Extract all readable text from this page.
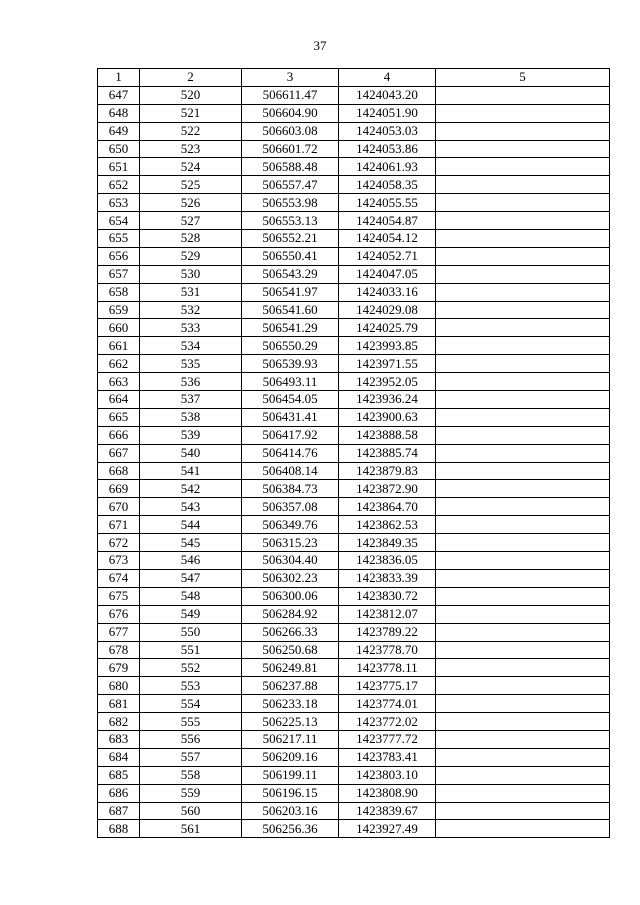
37
1	2	3	4	5
647	520	506611.47	1424043.20	
648	521	506604.90	1424051.90	
649	522	506603.08	1424053.03	
650	523	506601.72	1424053.86	
651	524	506588.48	1424061.93	
652	525	506557.47	1424058.35	
653	526	506553.98	1424055.55	
654	527	506553.13	1424054.87	
655	528	506552.21	1424054.12	
656	529	506550.41	1424052.71	
657	530	506543.29	1424047.05	
658	531	506541.97	1424033.16	
659	532	506541.60	1424029.08	
660	533	506541.29	1424025.79	
661	534	506550.29	1423993.85	
662	535	506539.93	1423971.55	
663	536	506493.11	1423952.05	
664	537	506454.05	1423936.24	
665	538	506431.41	1423900.63	
666	539	506417.92	1423888.58	
667	540	506414.76	1423885.74	
668	541	506408.14	1423879.83	
669	542	506384.73	1423872.90	
670	543	506357.08	1423864.70	
671	544	506349.76	1423862.53	
672	545	506315.23	1423849.35	
673	546	506304.40	1423836.05	
674	547	506302.23	1423833.39	
675	548	506300.06	1423830.72	
676	549	506284.92	1423812.07	
677	550	506266.33	1423789.22	
678	551	506250.68	1423778.70	
679	552	506249.81	1423778.11	
680	553	506237.88	1423775.17	
681	554	506233.18	1423774.01	
682	555	506225.13	1423772.02	
683	556	506217.11	1423777.72	
684	557	506209.16	1423783.41	
685	558	506199.11	1423803.10	
686	559	506196.15	1423808.90	
687	560	506203.16	1423839.67	
688	561	506256.36	1423927.49	
